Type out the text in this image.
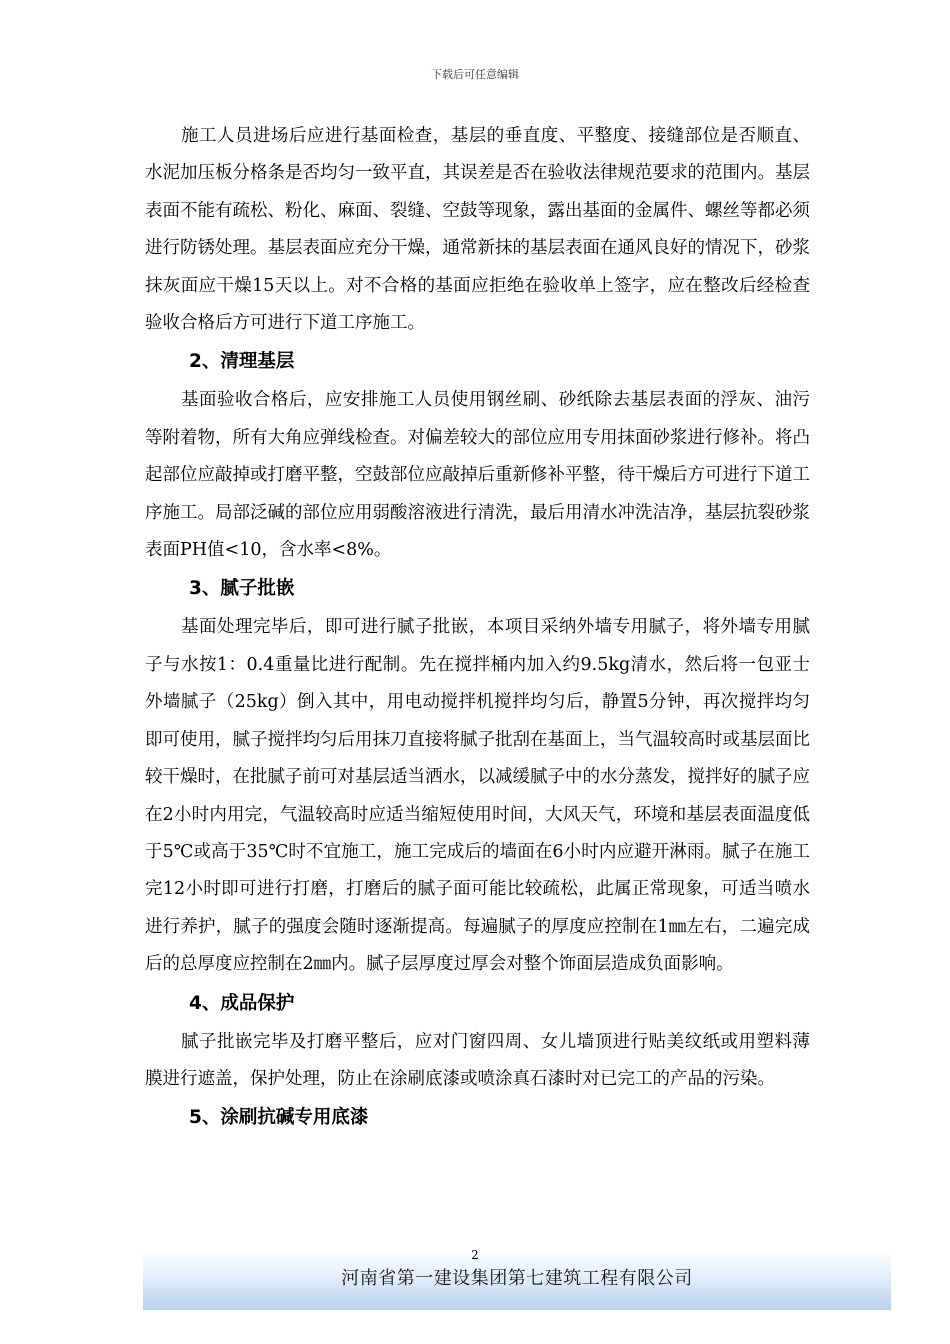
下载后可任意编辑

施工人员进场后应进行基面检查，基层的垂直度、平整度、接缝部位是否顺直、水泥加压板分格条是否均匀一致平直，其误差是否在验收法律规范要求的范围内。基层表面不能有疏松、粉化、麻面、裂缝、空鼓等现象，露出基面的金属件、螺丝等都必须进行防锈处理。基层表面应充分干燥，通常新抹的基层表面在通风良好的情况下，砂浆抹灰面应干燥15天以上。对不合格的基面应拒绝在验收单上签字，应在整改后经检查验收合格后方可进行下道工序施工。

2、清理基层

基面验收合格后，应安排施工人员使用钢丝刷、砂纸除去基层表面的浮灰、油污等附着物，所有大角应弹线检查。对偏差较大的部位应用专用抹面砂浆进行修补。将凸起部位应敲掉或打磨平整，空鼓部位应敲掉后重新修补平整，待干燥后方可进行下道工序施工。局部泛碱的部位应用弱酸溶液进行清洗，最后用清水冲洗洁净，基层抗裂砂浆表面PH值<10，含水率<8%。

3、腻子批嵌

基面处理完毕后，即可进行腻子批嵌，本项目采纳外墙专用腻子，将外墙专用腻子与水按1：0.4重量比进行配制。先在搅拌桶内加入约9.5kg清水，然后将一包亚士外墙腻子（25kg）倒入其中，用电动搅拌机搅拌均匀后，静置5分钟，再次搅拌均匀即可使用，腻子搅拌均匀后用抹刀直接将腻子批刮在基面上，当气温较高时或基层面比较干燥时，在批腻子前可对基层适当洒水，以减缓腻子中的水分蒸发，搅拌好的腻子应在2小时内用完，气温较高时应适当缩短使用时间，大风天气，环境和基层表面温度低于5℃或高于35℃时不宜施工，施工完成后的墙面在6小时内应避开淋雨。腻子在施工完12小时即可进行打磨，打磨后的腻子面可能比较疏松，此属正常现象，可适当喷水进行养护，腻子的强度会随时逐渐提高。每遍腻子的厚度应控制在1㎜左右，二遍完成后的总厚度应控制在2㎜内。腻子层厚度过厚会对整个饰面层造成负面影响。

4、成品保护

腻子批嵌完毕及打磨平整后，应对门窗四周、女儿墙顶进行贴美纹纸或用塑料薄膜进行遮盖，保护处理，防止在涂刷底漆或喷涂真石漆时对已完工的产品的污染。

5、涂刷抗碱专用底漆
2
河南省第一建设集团第七建筑工程有限公司
